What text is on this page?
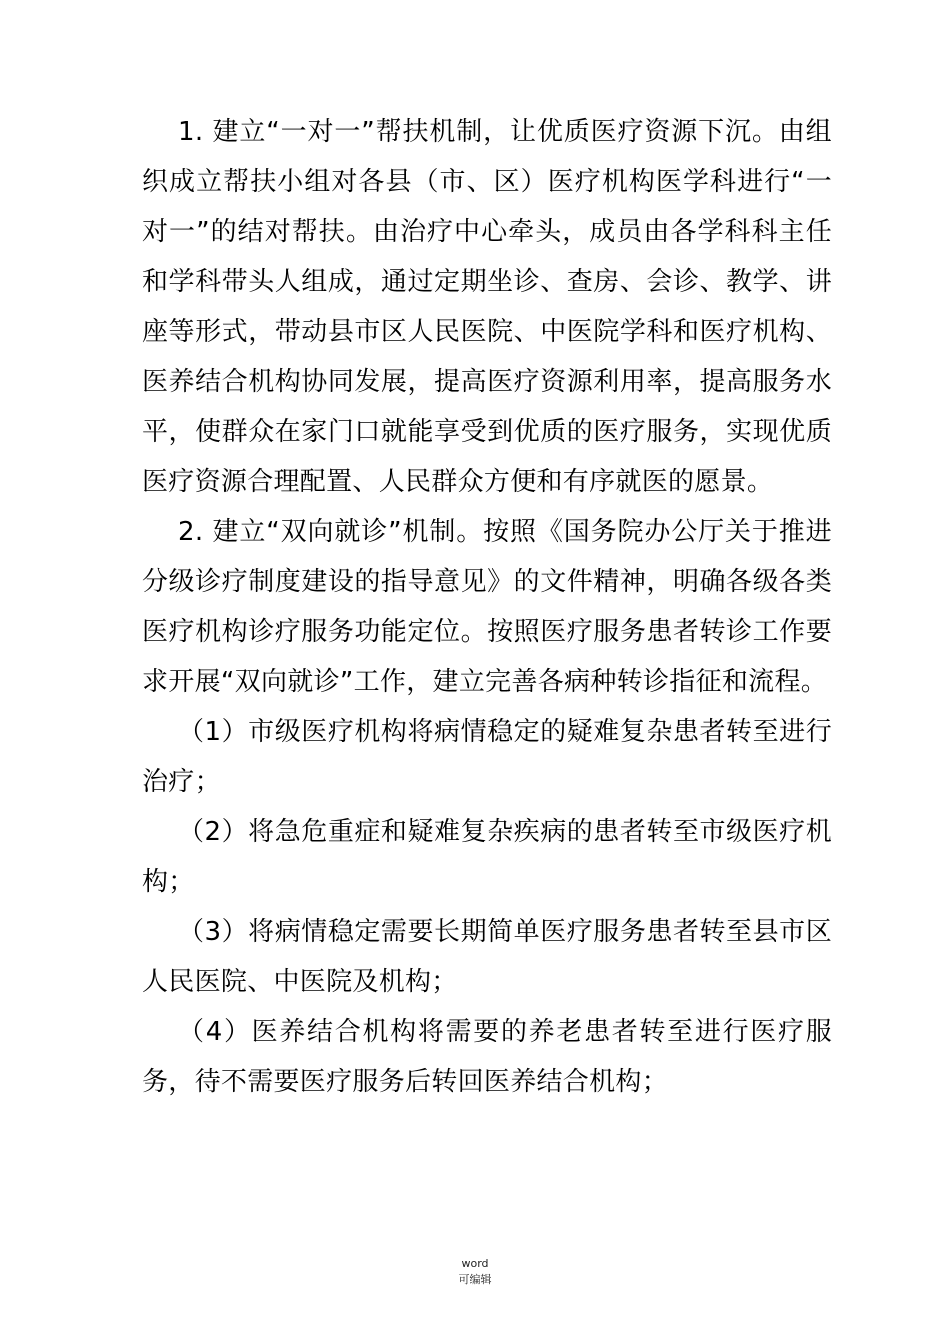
1. 建立“一对一”帮扶机制，让优质医疗资源下沉。由组织成立帮扶小组对各县（市、区）医疗机构医学科进行“一对一”的结对帮扶。由治疗中心牵头，成员由各学科科主任和学科带头人组成，通过定期坐诊、查房、会诊、教学、讲座等形式，带动县市区人民医院、中医院学科和医疗机构、医养结合机构协同发展，提高医疗资源利用率，提高服务水平，使群众在家门口就能享受到优质的医疗服务，实现优质医疗资源合理配置、人民群众方便和有序就医的愿景。

2. 建立“双向就诊”机制。按照《国务院办公厅关于推进分级诊疗制度建设的指导意见》的文件精神，明确各级各类医疗机构诊疗服务功能定位。按照医疗服务患者转诊工作要求开展“双向就诊”工作，建立完善各病种转诊指征和流程。

（1）市级医疗机构将病情稳定的疑难复杂患者转至进行治疗；

（2）将急危重症和疑难复杂疾病的患者转至市级医疗机构；

（3）将病情稳定需要长期简单医疗服务患者转至县市区人民医院、中医院及机构；

（4）医养结合机构将需要的养老患者转至进行医疗服务，待不需要医疗服务后转回医养结合机构；

word
可编辑
